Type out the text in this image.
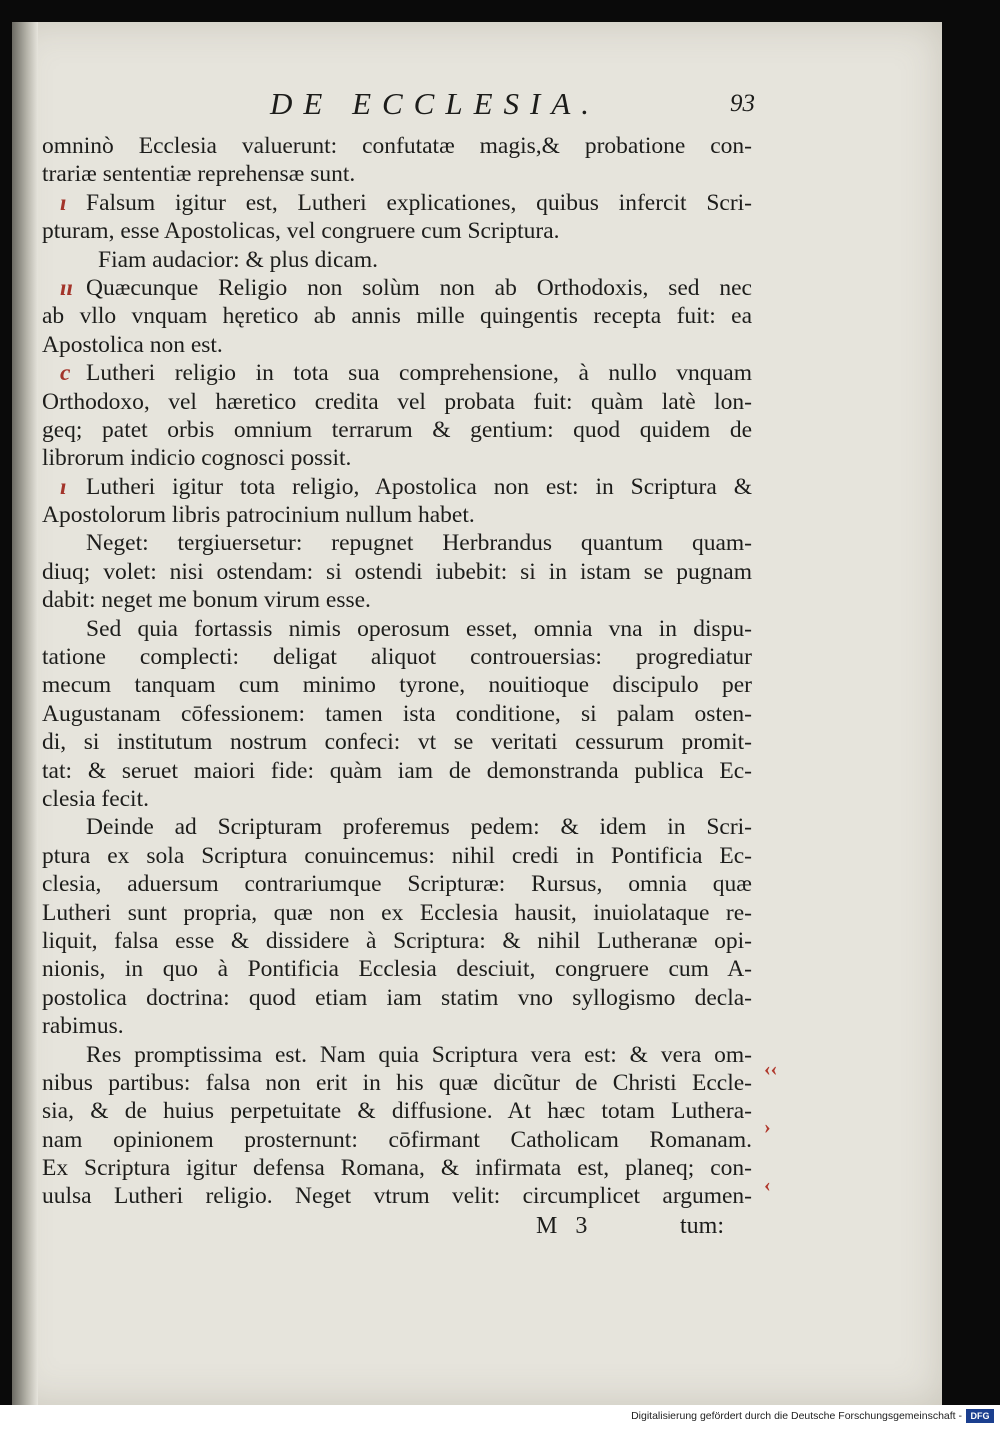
DE ECCLESIA.	93
omninò Ecclesia valuerunt: confutatæ magis,& probatione con-
trariæ sententiæ reprehensæ sunt.
ı Falsum igitur est, Lutheri explicationes, quibus infercit Scri-
pturam, esse Apostolicas, vel congruere cum Scriptura.
Fiam audacior: & plus dicam.
ıı Quæcunque Religio non solùm non ab Orthodoxis, sed nec
ab vllo vnquam hęretico ab annis mille quingentis recepta fuit: ea
Apostolica non est.
c Lutheri religio in tota sua comprehensione, à nullo vnquam
Orthodoxo, vel hæretico credita vel probata fuit: quàm latè lon-
geq; patet orbis omnium terrarum & gentium: quod quidem de
librorum indicio cognosci possit.
ı Lutheri igitur tota religio, Apostolica non est: in Scriptura &
Apostolorum libris patrocinium nullum habet.
Neget: tergiuersetur: repugnet Herbrandus quantum quam-
diuq; volet: nisi ostendam: si ostendi iubebit: si in istam se pugnam
dabit: neget me bonum virum esse.
Sed quia fortassis nimis operosum esset, omnia vna in dispu-
tatione complecti: deligat aliquot controuersias: progrediatur
mecum tanquam cum minimo tyrone, nouitioque discipulo per
Augustanam cōfessionem: tamen ista conditione, si palam osten-
di, si institutum nostrum confeci: vt se veritati cessurum promit-
tat: & seruet maiori fide: quàm iam de demonstranda publica Ec-
clesia fecit.
Deinde ad Scripturam proferemus pedem: & idem in Scri-
ptura ex sola Scriptura conuincemus: nihil credi in Pontificia Ec-
clesia, aduersum contrariumque Scripturæ: Rursus, omnia quæ
Lutheri sunt propria, quæ non ex Ecclesia hausit, inuiolataque re-
liquit, falsa esse & dissidere à Scriptura: & nihil Lutheranæ opi-
nionis, in quo à Pontificia Ecclesia desciuit, congruere cum A-
postolica doctrina: quod etiam iam statim vno syllogismo decla-
rabimus.
Res promptissima est. Nam quia Scriptura vera est: & vera om-
nibus partibus: falsa non erit in his quæ dicũtur de Christi Eccle-
sia, & de huius perpetuitate & diffusione. At hæc totam Luthera-
nam opinionem prosternunt: cōfirmant Catholicam Romanam.
Ex Scriptura igitur defensa Romana, & infirmata est, planeq; con-
uulsa Lutheri religio. Neget vtrum velit: circumplicet argumen-
‹‹
›
‹
M 3	tum:
Digitalisierung gefördert durch die Deutsche Forschungsgemeinschaft - DFG
